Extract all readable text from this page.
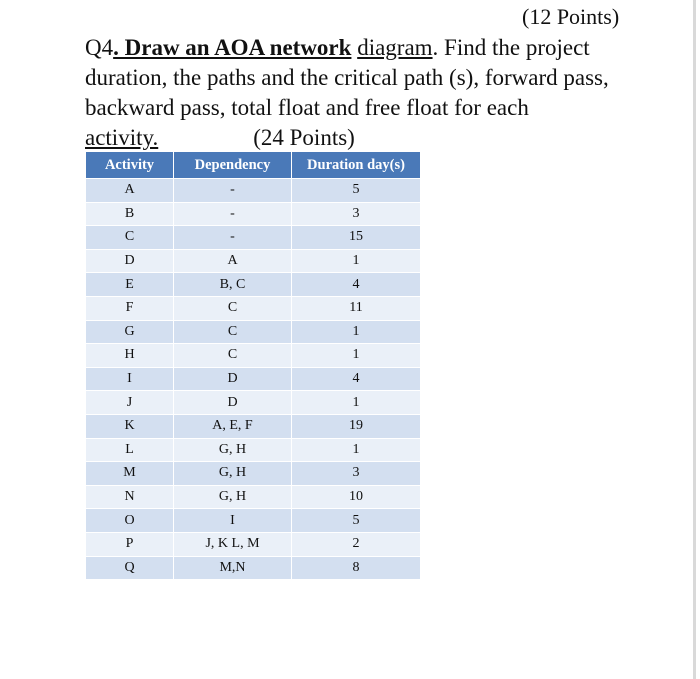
(12 Points)
Q4. Draw an AOA network diagram. Find the project
duration, the paths and the critical path (s), forward pass,
backward pass, total float and free float for each
activity.	(24 Points)
Activity	Dependency	Duration day(s)
A	-	5
B	-	3
C	-	15
D	A	1
E	B, C	4
F	C	11
G	C	1
H	C	1
I	D	4
J	D	1
K	A, E, F	19
L	G, H	1
M	G, H	3
N	G, H	10
O	I	5
P	J, K L, M	2
Q	M,N	8
